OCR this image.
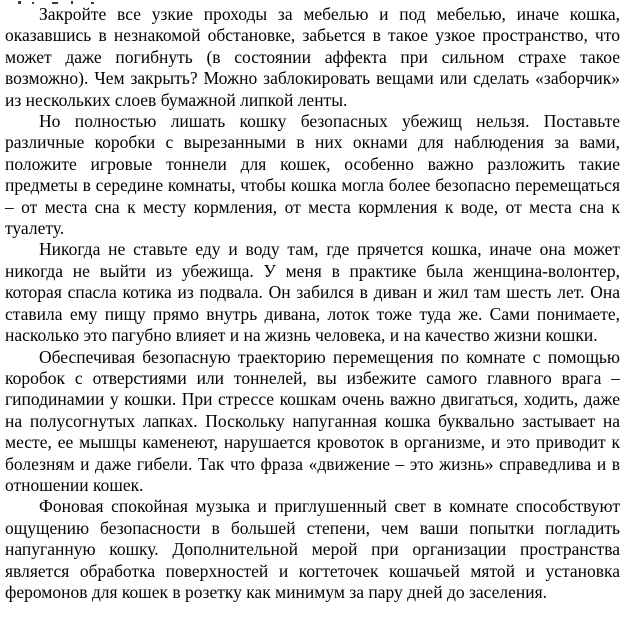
Закройте все узкие проходы за мебелью и под мебелью, иначе кошка, оказавшись в незнакомой обстановке, забьется в такое узкое пространство, что может даже погибнуть (в состоянии аффекта при сильном страхе такое возможно). Чем закрыть? Можно заблокировать вещами или сделать «заборчик» из нескольких слоев бумажной липкой ленты.

Но полностью лишать кошку безопасных убежищ нельзя. Поставьте различные коробки с вырезанными в них окнами для наблюдения за вами, положите игровые тоннели для кошек, особенно важно разложить такие предметы в середине комнаты, чтобы кошка могла более безопасно перемещаться – от места сна к месту кормления, от места кормления к воде, от места сна к туалету.

Никогда не ставьте еду и воду там, где прячется кошка, иначе она может никогда не выйти из убежища. У меня в практике была женщина-волонтер, которая спасла котика из подвала. Он забился в диван и жил там шесть лет. Она ставила ему пищу прямо внутрь дивана, лоток тоже туда же. Сами понимаете, насколько это пагубно влияет и на жизнь человека, и на качество жизни кошки.

Обеспечивая безопасную траекторию перемещения по комнате с помощью коробок с отверстиями или тоннелей, вы избежите самого главного врага – гиподинамии у кошки. При стрессе кошкам очень важно двигаться, ходить, даже на полусогнутых лапках. Поскольку напуганная кошка буквально застывает на месте, ее мышцы каменеют, нарушается кровоток в организме, и это приводит к болезням и даже гибели. Так что фраза «движение – это жизнь» справедлива и в отношении кошек.

Фоновая спокойная музыка и приглушенный свет в комнате способствуют ощущению безопасности в большей степени, чем ваши попытки погладить напуганную кошку. Дополнительной мерой при организации пространства является обработка поверхностей и когтеточек кошачьей мятой и установка феромонов для кошек в розетку как минимум за пару дней до заселения.
